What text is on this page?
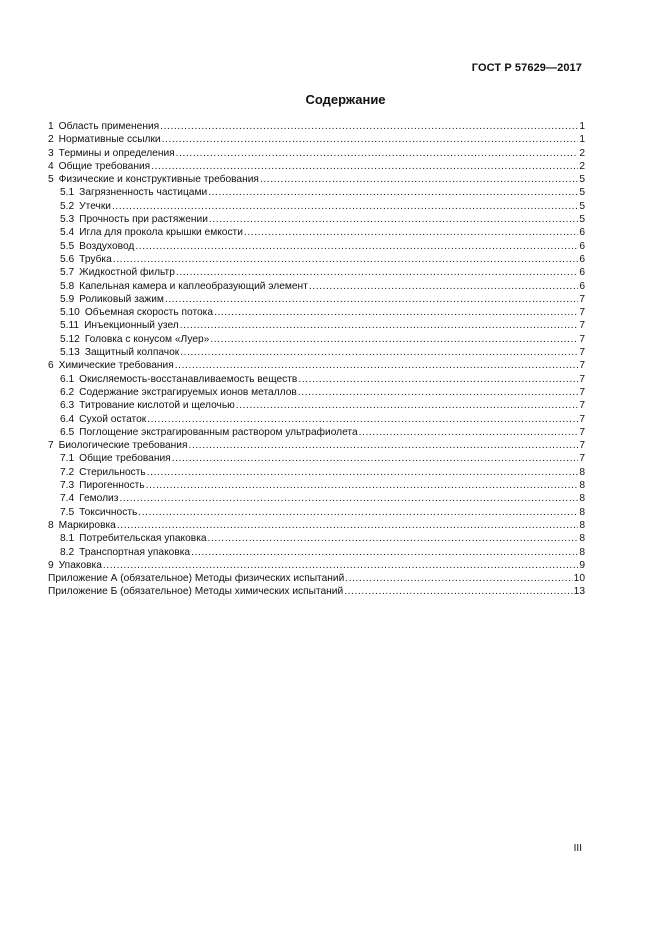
ГОСТ Р 57629—2017
Содержание
1 Область применения .....	1
2 Нормативные ссылки .....	1
3 Термины и определения .....	2
4 Общие требования .....	2
5 Физические и конструктивные требования .....	5
5.1 Загрязненность частицами .....	5
5.2 Утечки .....	5
5.3 Прочность при растяжении .....	5
5.4 Игла для прокола крышки емкости .....	6
5.5 Воздуховод .....	6
5.6 Трубка .....	6
5.7 Жидкостной фильтр .....	6
5.8 Капельная камера и каплеобразующий элемент .....	6
5.9 Роликовый зажим .....	7
5.10 Объемная скорость потока .....	7
5.11 Инъекционный узел .....	7
5.12 Головка с конусом «Луер» .....	7
5.13 Защитный колпачок .....	7
6 Химические требования .....	7
6.1 Окисляемость-восстанавливаемость веществ .....	7
6.2 Содержание экстрагируемых ионов металлов .....	7
6.3 Титрование кислотой и щелочью .....	7
6.4 Сухой остаток .....	7
6.5 Поглощение экстрагированным раствором ультрафиолета .....	7
7 Биологические требования .....	7
7.1 Общие требования .....	7
7.2 Стерильность .....	8
7.3 Пирогенность .....	8
7.4 Гемолиз .....	8
7.5 Токсичность .....	8
8 Маркировка .....	8
8.1 Потребительская упаковка .....	8
8.2 Транспортная упаковка .....	8
9 Упаковка .....	9
Приложение А (обязательное) Методы физических испытаний .....	10
Приложение Б (обязательное) Методы химических испытаний .....	13
III
